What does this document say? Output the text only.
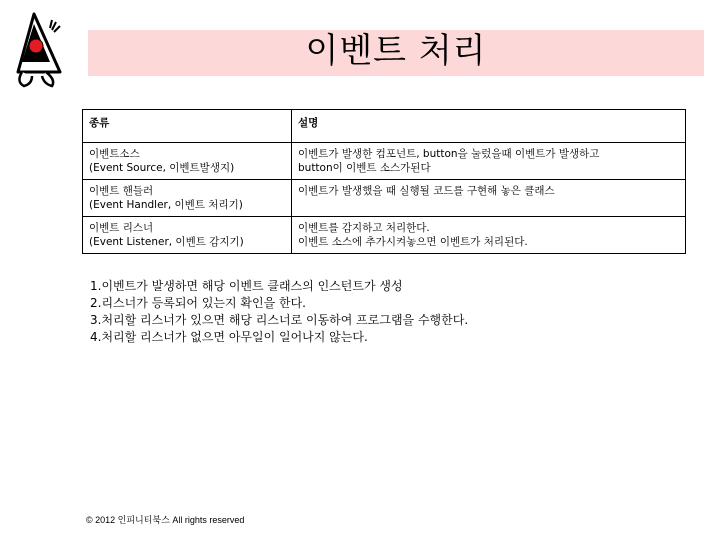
이벤트 처리
종류	설명

이벤트소스
(Event Source, 이벤트발생지)	이벤트가 발생한 컴포넌트, button을 눌렀을때 이벤트가 발생하고
button이 이벤트 소스가된다

이벤트 핸들러
(Event Handler, 이벤트 처리기)	이벤트가 발생했을 때 실행될 코드를 구현해 놓은 클래스

이벤트 리스너
(Event Listener, 이벤트 감지기)	이벤트를 감지하고 처리한다.
이벤트 소스에 추가시켜놓으면 이벤트가 처리된다.
1.이벤트가 발생하면 해당 이벤트 클래스의 인스턴트가 생성
2.리스너가 등록되어 있는지 확인을 한다.
3.처리할 리스너가 있으면 해당 리스너로 이동하여 프로그램을 수행한다.
4.처리할 리스너가 없으면 아무일이 일어나지 않는다.
© 2012 인피니티북스 All rights reserved
